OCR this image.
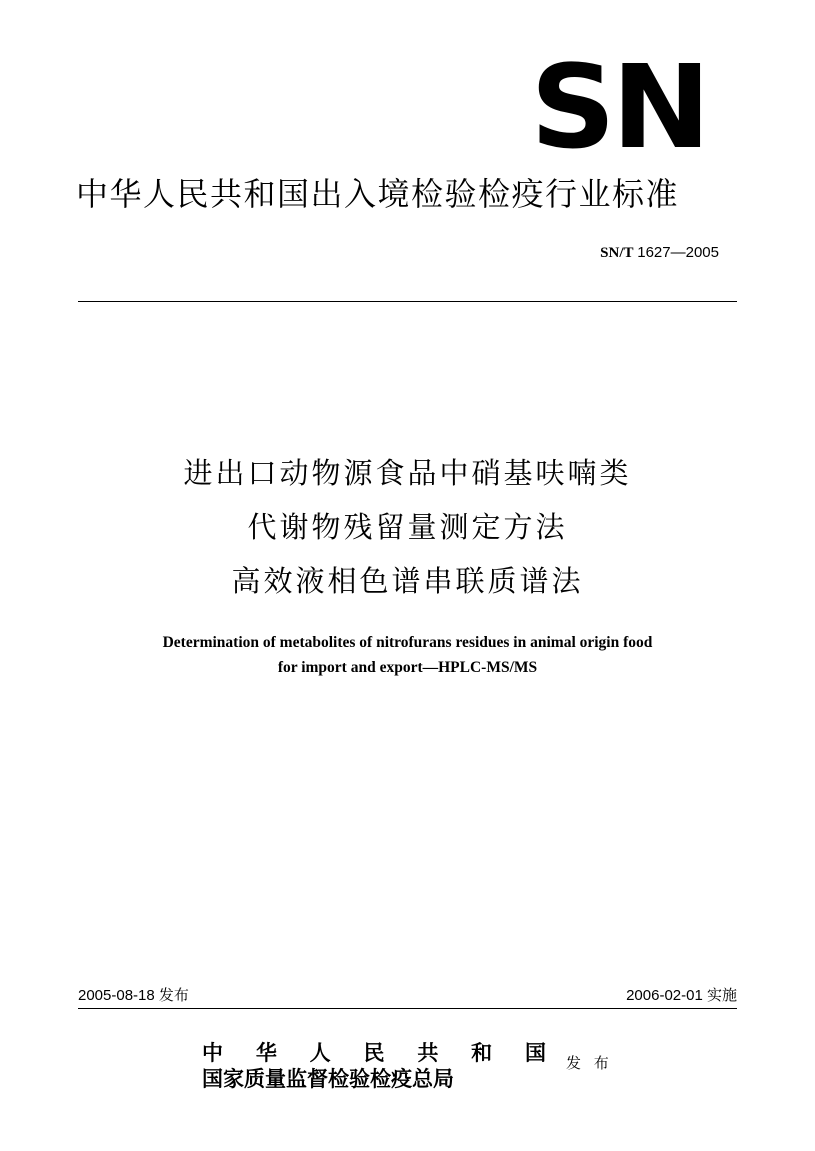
SN
中华人民共和国出入境检验检疫行业标准
SN/T 1627—2005
进出口动物源食品中硝基呋喃类
代谢物残留量测定方法
高效液相色谱串联质谱法
Determination of metabolites of nitrofurans residues in animal origin food
for import and export—HPLC-MS/MS
2005-08-18 发布	2006-02-01 实施
中 华 人 民 共 和 国
国家质量监督检验检疫总局
发 布
